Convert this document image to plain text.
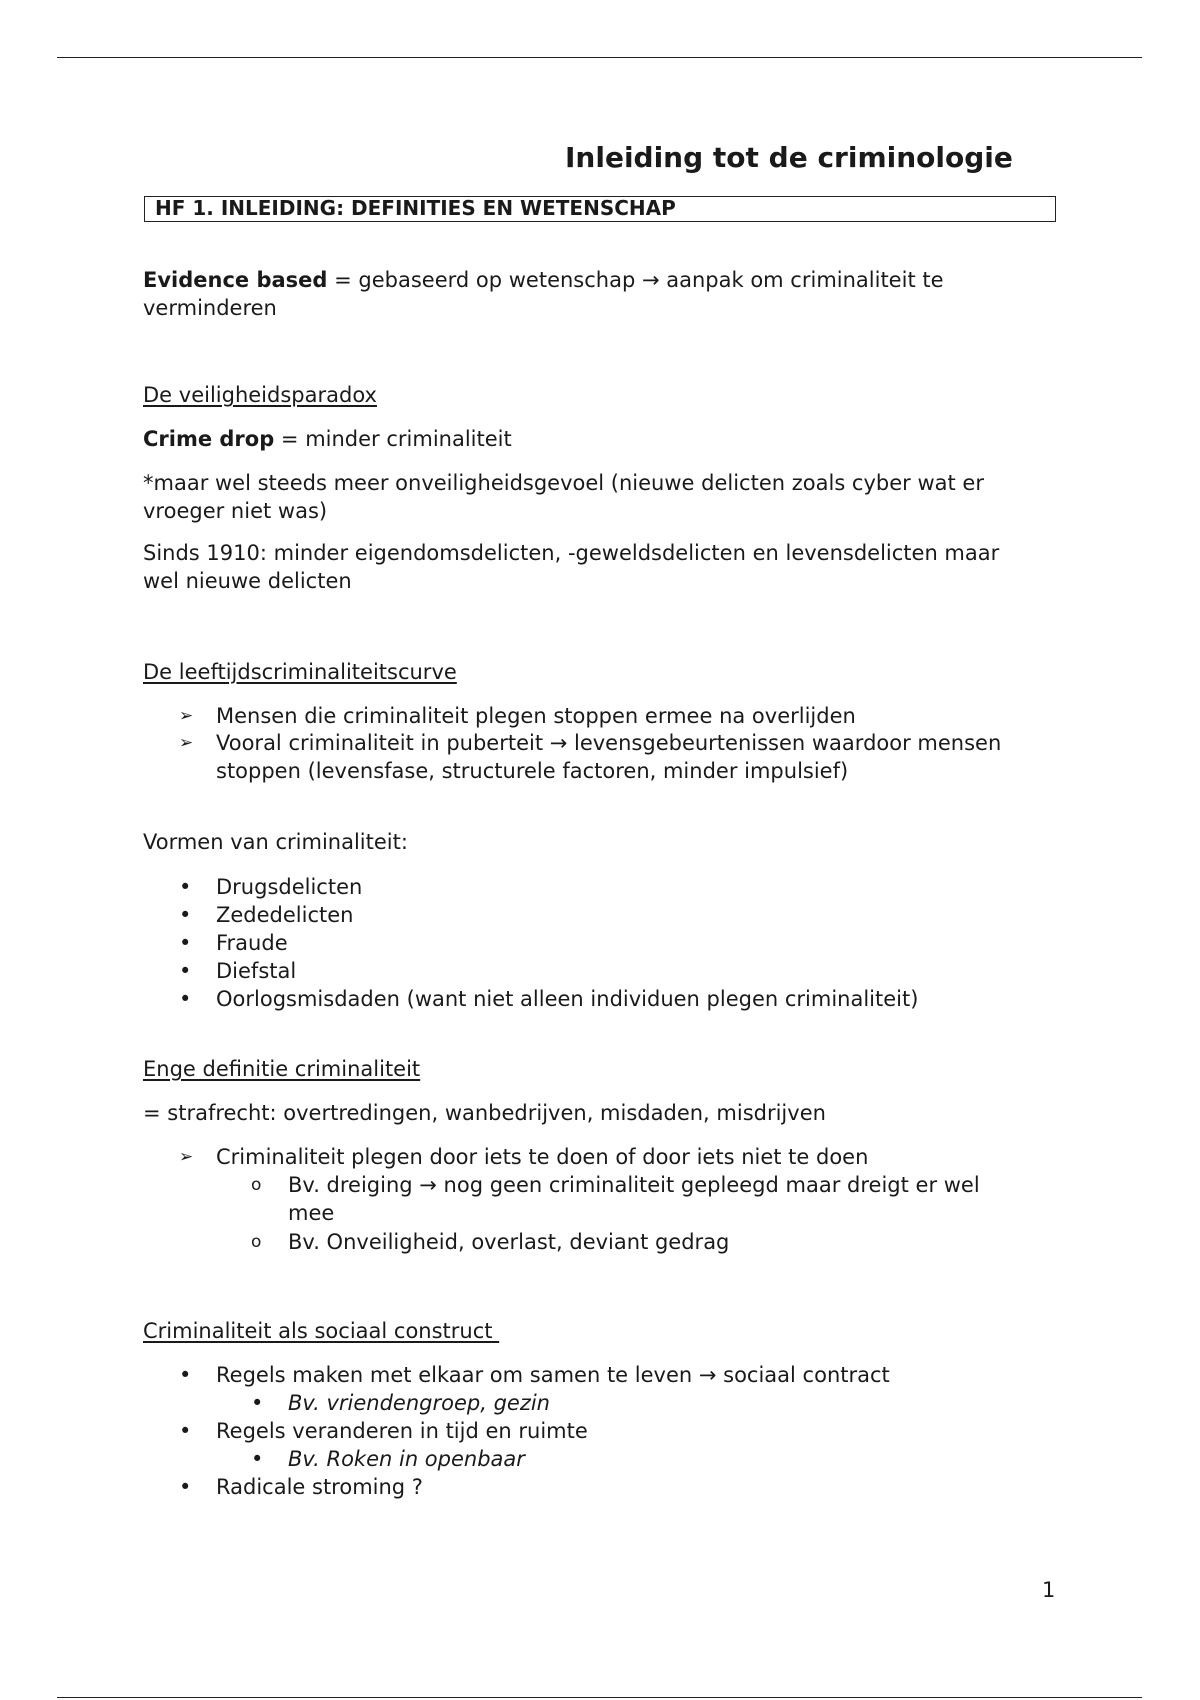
Inleiding tot de criminologie
HF 1. INLEIDING: DEFINITIES EN WETENSCHAP
Evidence based = gebaseerd op wetenschap → aanpak om criminaliteit te
verminderen
De veiligheidsparadox
Crime drop = minder criminaliteit
*maar wel steeds meer onveiligheidsgevoel (nieuwe delicten zoals cyber wat er
vroeger niet was)
Sinds 1910: minder eigendomsdelicten, -geweldsdelicten en levensdelicten maar
wel nieuwe delicten
De leeftijdscriminaliteitscurve
➢ Mensen die criminaliteit plegen stoppen ermee na overlijden
➢ Vooral criminaliteit in puberteit → levensgebeurtenissen waardoor mensen
stoppen (levensfase, structurele factoren, minder impulsief)
Vormen van criminaliteit:
• Drugsdelicten
• Zededelicten
• Fraude
• Diefstal
• Oorlogsmisdaden (want niet alleen individuen plegen criminaliteit)
Enge definitie criminaliteit
= strafrecht: overtredingen, wanbedrijven, misdaden, misdrijven
➢ Criminaliteit plegen door iets te doen of door iets niet te doen
o Bv. dreiging → nog geen criminaliteit gepleegd maar dreigt er wel
mee
o Bv. Onveiligheid, overlast, deviant gedrag
Criminaliteit als sociaal construct
• Regels maken met elkaar om samen te leven → sociaal contract
• Bv. vriendengroep, gezin
• Regels veranderen in tijd en ruimte
• Bv. Roken in openbaar
• Radicale stroming ?
1
